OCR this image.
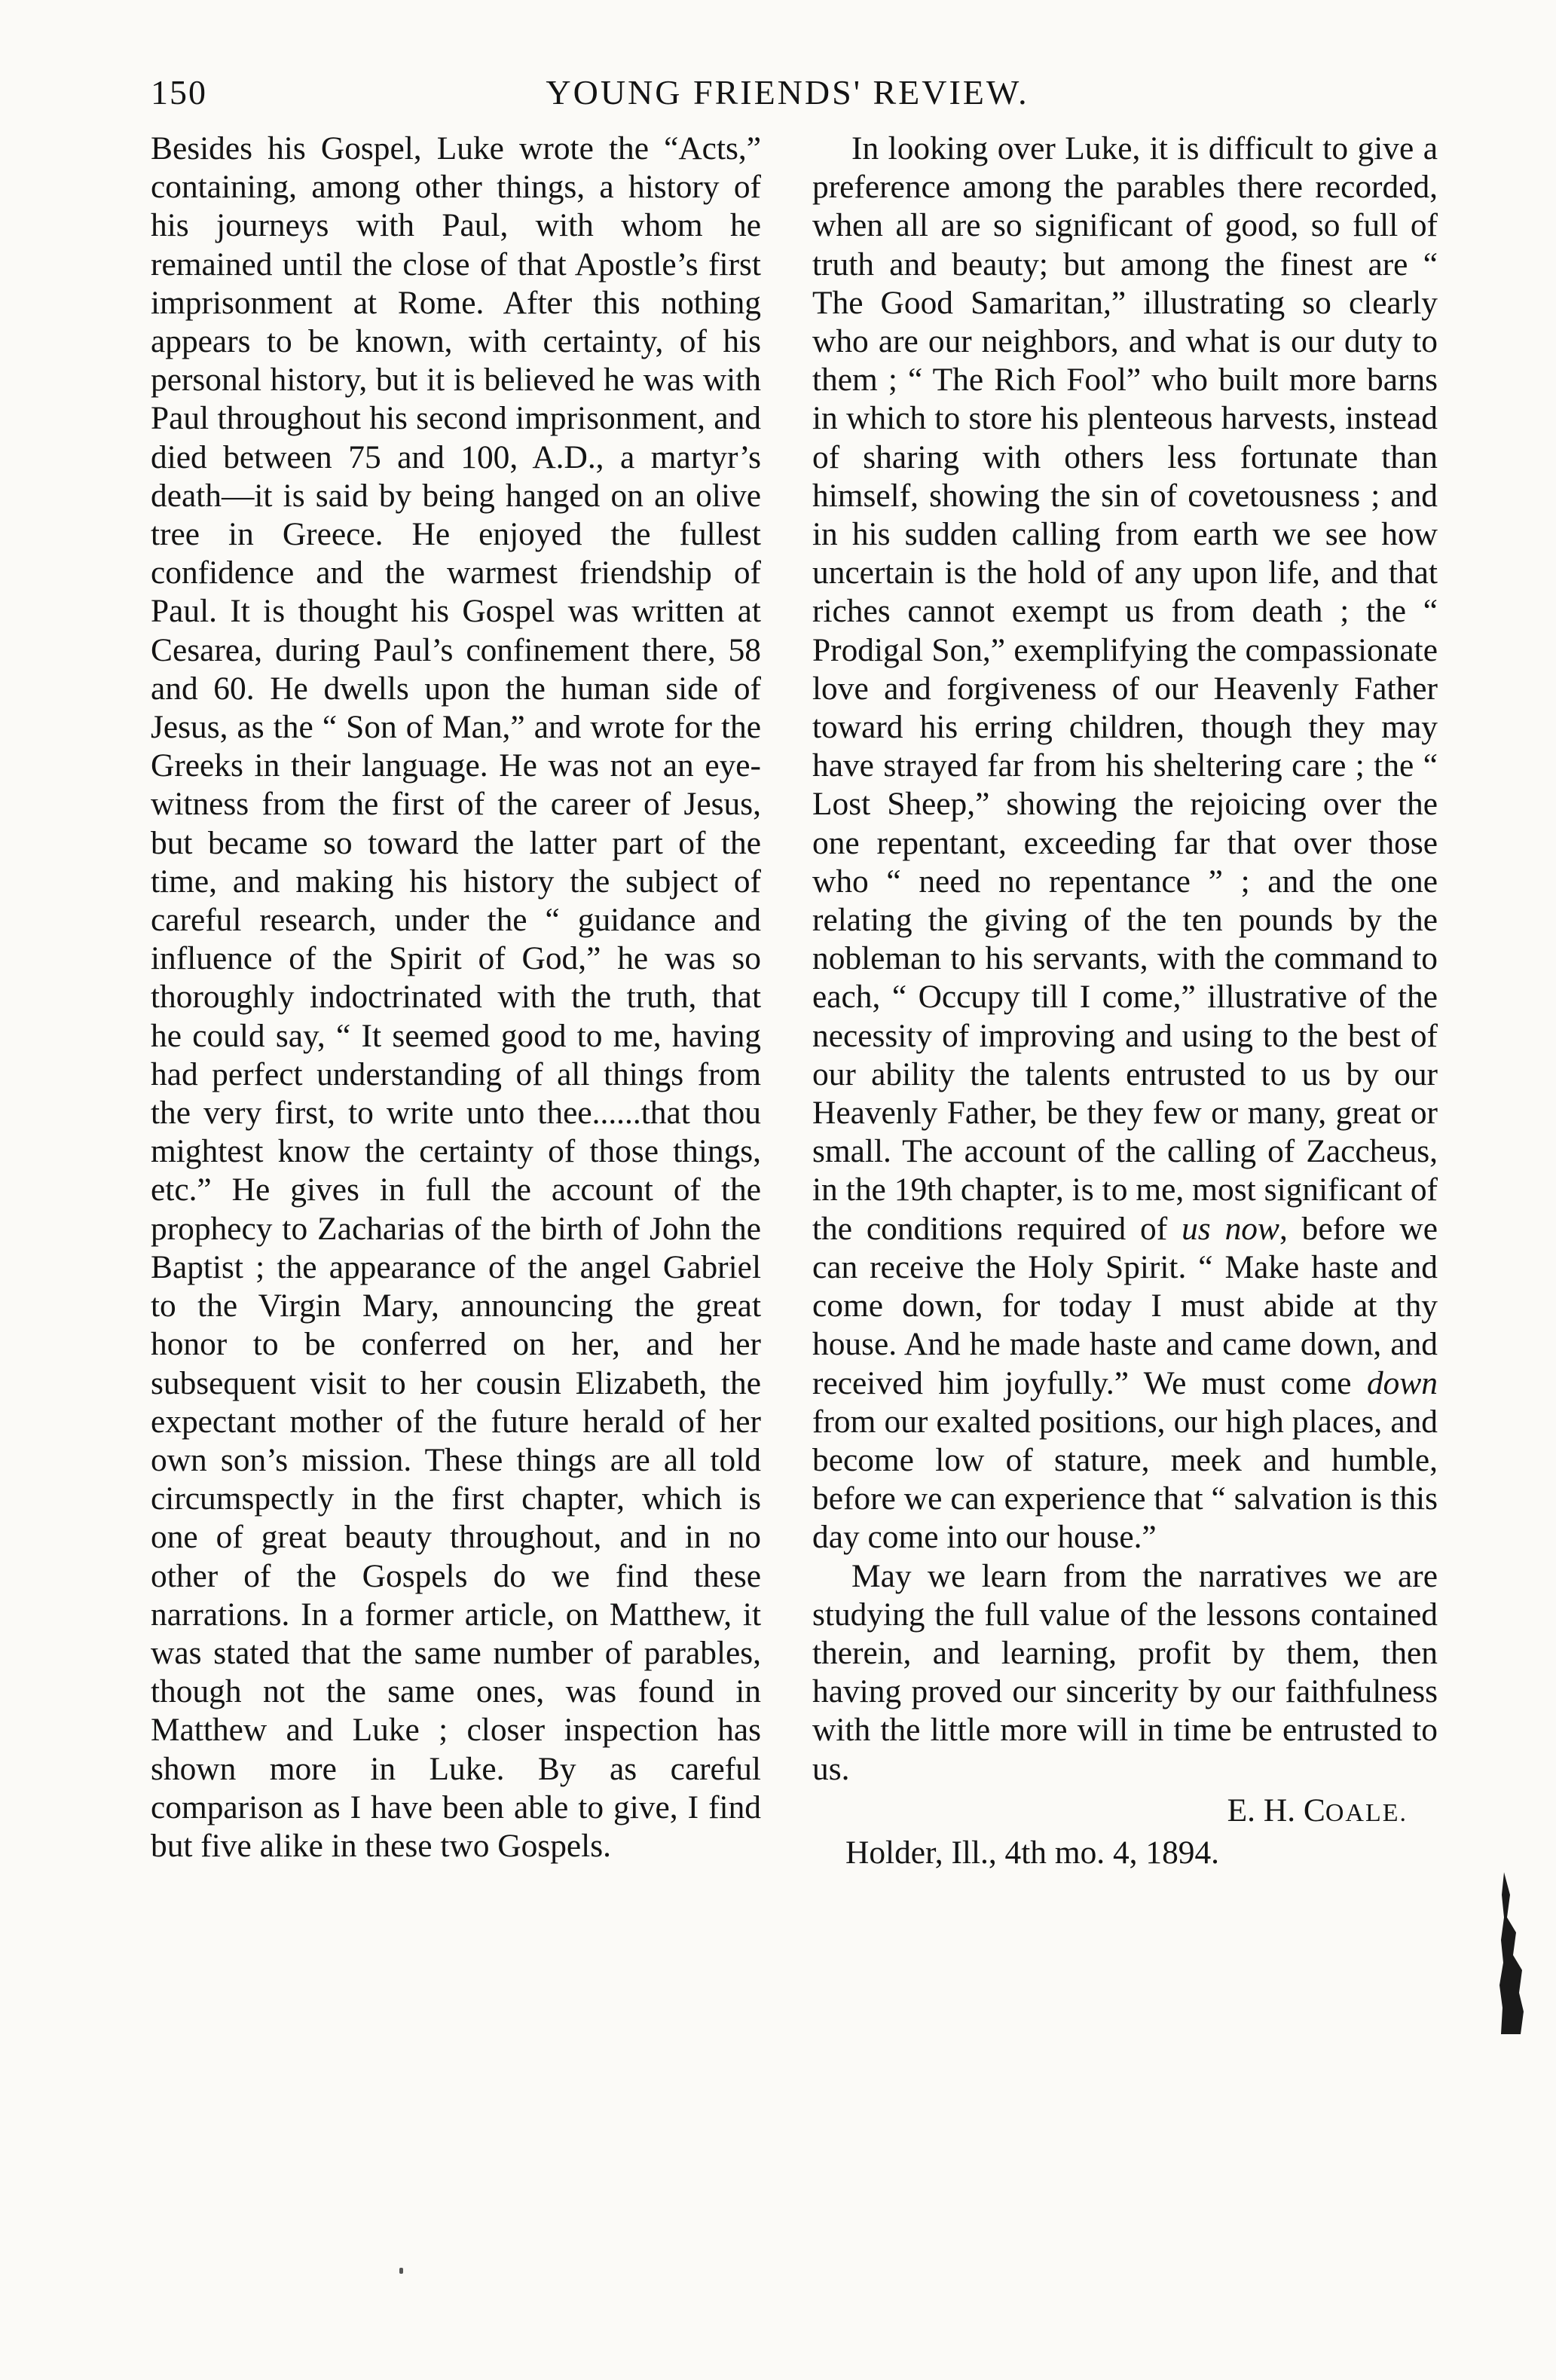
150	YOUNG FRIENDS' REVIEW.

Besides his Gospel, Luke wrote the “Acts,” containing, among other things, a history of his journeys with Paul, with whom he remained until the close of that Apostle’s first imprisonment at Rome. After this nothing appears to be known, with certainty, of his personal history, but it is believed he was with Paul throughout his second imprisonment, and died between 75 and 100, A.D., a martyr’s death—it is said by being hanged on an olive tree in Greece. He enjoyed the fullest confidence and the warmest friendship of Paul. It is thought his Gospel was written at Cesarea, during Paul’s confinement there, 58 and 60. He dwells upon the human side of Jesus, as the “ Son of Man,” and wrote for the Greeks in their language. He was not an eye-witness from the first of the career of Jesus, but became so toward the latter part of the time, and making his history the subject of careful research, under the “ guidance and influence of the Spirit of God,” he was so thoroughly indoctrinated with the truth, that he could say, “ It seemed good to me, having had perfect understanding of all things from the very first, to write unto thee......that thou mightest know the certainty of those things, etc.” He gives in full the account of the prophecy to Zacharias of the birth of John the Baptist ; the appearance of the angel Gabriel to the Virgin Mary, announcing the great honor to be conferred on her, and her subsequent visit to her cousin Elizabeth, the expectant mother of the future herald of her own son’s mission. These things are all told circumspectly in the first chapter, which is one of great beauty throughout, and in no other of the Gospels do we find these narrations. In a former article, on Matthew, it was stated that the same number of parables, though not the same ones, was found in Matthew and Luke ; closer inspection has shown more in Luke. By as careful comparison as I have been able to give, I find but five alike in these two Gospels.

In looking over Luke, it is difficult to give a preference among the parables there recorded, when all are so significant of good, so full of truth and beauty; but among the finest are “ The Good Samaritan,” illustrating so clearly who are our neighbors, and what is our duty to them ; “ The Rich Fool” who built more barns in which to store his plenteous harvests, instead of sharing with others less fortunate than himself, showing the sin of covetousness ; and in his sudden calling from earth we see how uncertain is the hold of any upon life, and that riches cannot exempt us from death ; the “ Prodigal Son,” exemplifying the compassionate love and forgiveness of our Heavenly Father toward his erring children, though they may have strayed far from his sheltering care ; the “ Lost Sheep,” showing the rejoicing over the one repentant, exceeding far that over those who “ need no repentance ” ; and the one relating the giving of the ten pounds by the nobleman to his servants, with the command to each, “ Occupy till I come,” illustrative of the necessity of improving and using to the best of our ability the talents entrusted to us by our Heavenly Father, be they few or many, great or small. The account of the calling of Zaccheus, in the 19th chapter, is to me, most significant of the conditions required of us now, before we can receive the Holy Spirit. “ Make haste and come down, for today I must abide at thy house. And he made haste and came down, and received him joyfully.” We must come down from our exalted positions, our high places, and become low of stature, meek and humble, before we can experience that “ salvation is this day come into our house.”

May we learn from the narratives we are studying the full value of the lessons contained therein, and learning, profit by them, then having proved our sincerity by our faithfulness with the little more will in time be entrusted to us.

E. H. COALE.
Holder, Ill., 4th mo. 4, 1894.
